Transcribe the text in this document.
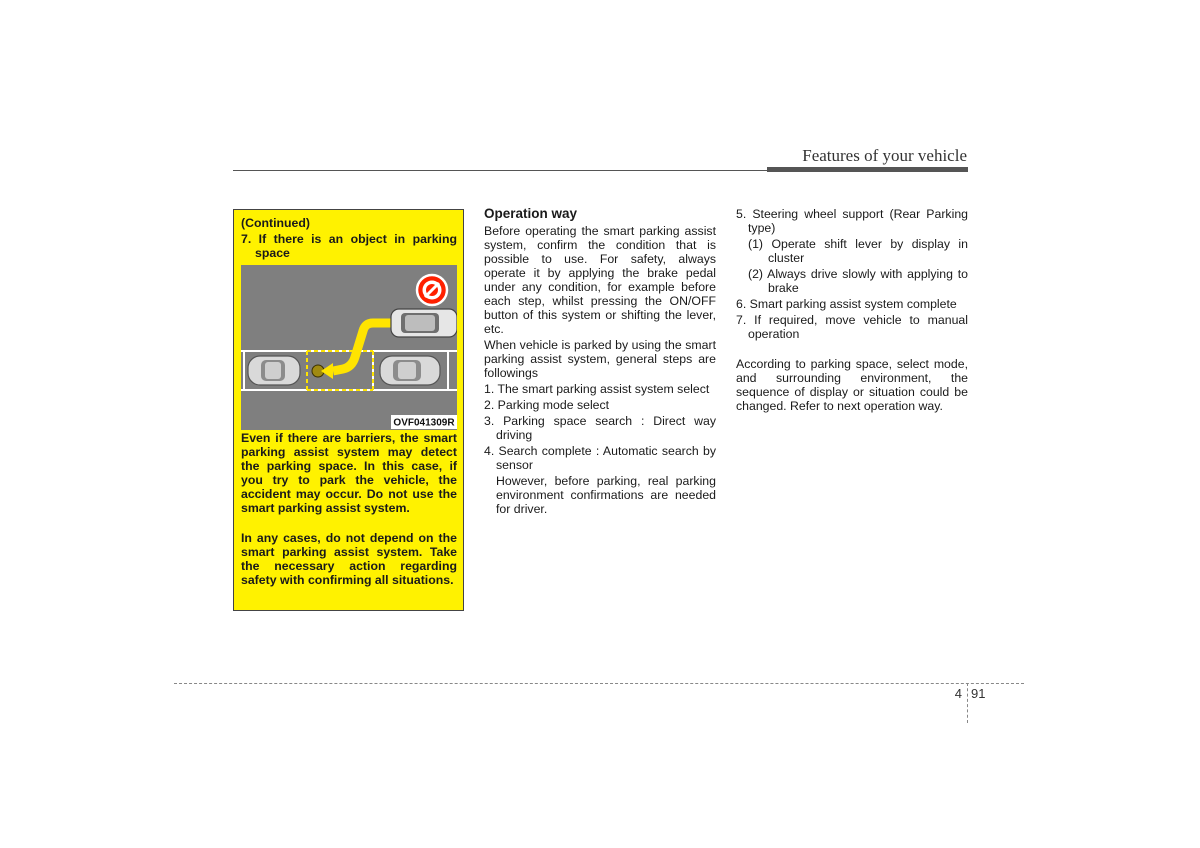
Features of your vehicle
(Continued)
7. If there is an object in parking space
OVF041309R
Even if there are barriers, the smart parking assist system may detect the parking space. In this case, if you try to park the vehicle, the accident may occur. Do not use the smart parking assist system.
In any cases, do not depend on the smart parking assist system. Take the necessary action regarding safety with confirming all situations.
Operation way
Before operating the smart parking assist system, confirm the condition that is possible to use. For safety, always operate it by applying the brake pedal under any condition, for example before each step, whilst pressing the ON/OFF button of this system or shifting the lever, etc.
When vehicle is parked by using the smart parking assist system, general steps are followings
1. The smart parking assist system select
2. Parking mode select
3. Parking space search : Direct way driving
4. Search complete : Automatic search by sensor
However, before parking, real parking environment confirmations are needed for driver.
5. Steering wheel support (Rear Parking type)
(1) Operate shift lever by display in cluster
(2) Always drive slowly with applying to brake
6. Smart parking assist system complete
7. If required, move vehicle to manual operation
According to parking space, select mode, and surrounding environment, the sequence of display or situation could be changed. Refer to next operation way.
4 91
